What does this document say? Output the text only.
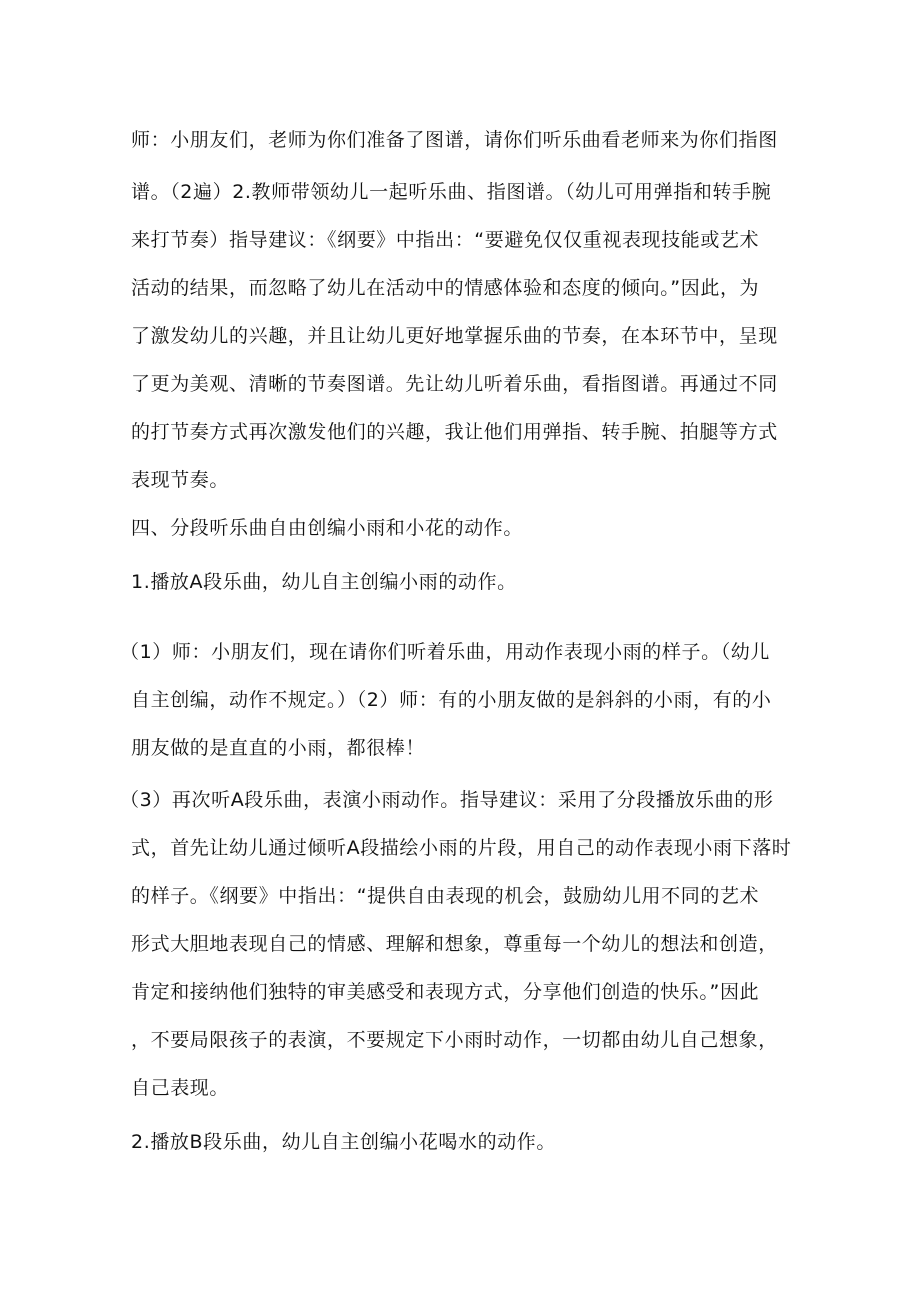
师：小朋友们，老师为你们准备了图谱，请你们听乐曲看老师来为你们指图
谱。（2遍）2.教师带领幼儿一起听乐曲、指图谱。（幼儿可用弹指和转手腕
来打节奏）指导建议：《纲要》中指出：“要避免仅仅重视表现技能或艺术
活动的结果，而忽略了幼儿在活动中的情感体验和态度的倾向。”因此，为
了激发幼儿的兴趣，并且让幼儿更好地掌握乐曲的节奏，在本环节中，呈现
了更为美观、清晰的节奏图谱。先让幼儿听着乐曲，看指图谱。再通过不同
的打节奏方式再次激发他们的兴趣，我让他们用弹指、转手腕、拍腿等方式
表现节奏。
四、分段听乐曲自由创编小雨和小花的动作。
1.播放A段乐曲，幼儿自主创编小雨的动作。
（1）师：小朋友们，现在请你们听着乐曲，用动作表现小雨的样子。（幼儿
自主创编，动作不规定。）（2）师：有的小朋友做的是斜斜的小雨，有的小
朋友做的是直直的小雨，都很棒！
（3）再次听A段乐曲，表演小雨动作。指导建议：采用了分段播放乐曲的形
式，首先让幼儿通过倾听A段描绘小雨的片段，用自己的动作表现小雨下落时
的样子。《纲要》中指出：“提供自由表现的机会，鼓励幼儿用不同的艺术
形式大胆地表现自己的情感、理解和想象，尊重每一个幼儿的想法和创造，
肯定和接纳他们独特的审美感受和表现方式，分享他们创造的快乐。”因此
，不要局限孩子的表演，不要规定下小雨时动作，一切都由幼儿自己想象，
自己表现。
2.播放B段乐曲，幼儿自主创编小花喝水的动作。
